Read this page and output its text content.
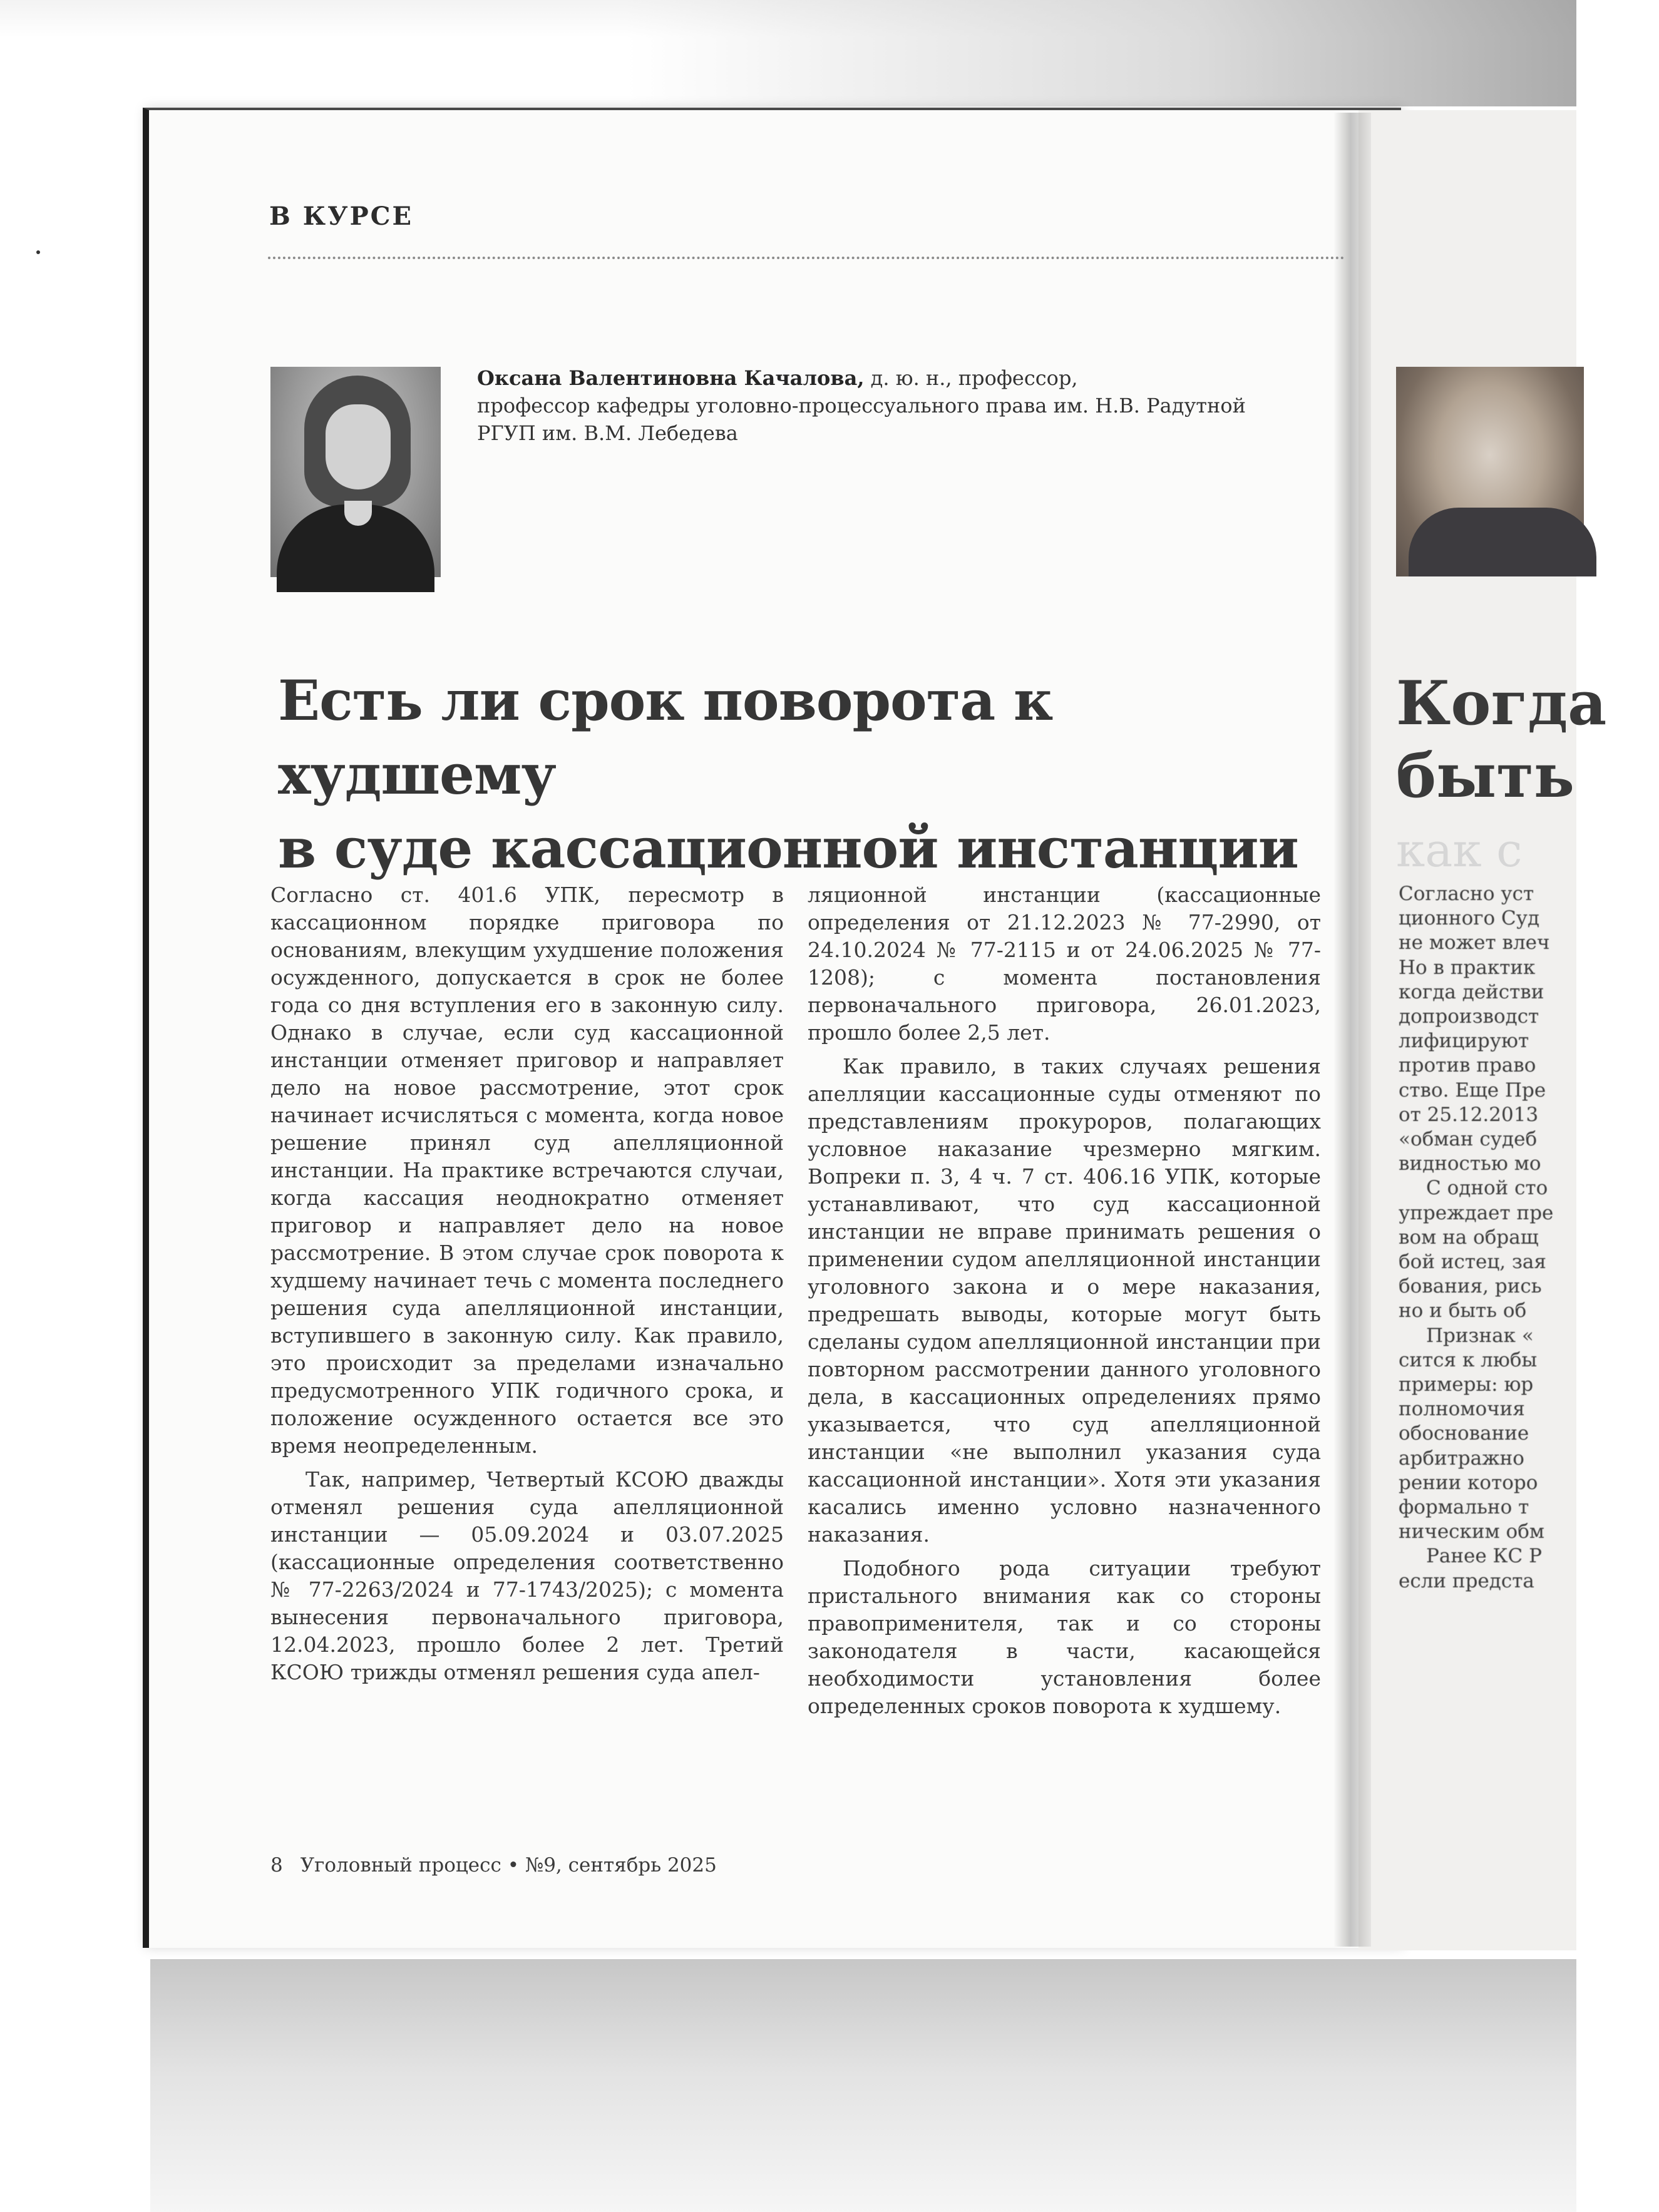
Когда
быть
как с
Согласно уст
ционного Суд
не может влеч
Но в практик
когда действи
допроизводст
лифицируют
против право
ство. Еще Пре
от 25.12.2013
«обман судеб
видностью мо
С одной сто
упреждает пре
вом на обращ
бой истец, зая
бования, рись
но и быть об
Признак «
сится к любы
примеры: юр
полномочия
обоснование
арбитражно
рении которо
формально т
ническим обм
Ранее КС Р
если предста
В КУРСЕ
Оксана Валентиновна Качалова, д. ю. н., профессор,
профессор кафедры уголовно-процессуального права им. Н.В. Радутной
РГУП им. В.М. Лебедева
Есть ли срок поворота к худшему
в суде кассационной инстанции

Согласно ст. 401.6 УПК, пересмотр в кассационном порядке приговора по основаниям, влекущим ухудшение положения осужденного, допускается в срок не более года со дня вступления его в законную силу. Однако в случае, если суд кассационной инстанции отменяет приговор и направляет дело на новое рассмотрение, этот срок начинает исчисляться с момента, когда новое решение принял суд апелляционной инстанции. На практике встречаются случаи, когда кассация неоднократно отменяет приговор и направляет дело на новое рассмотрение. В этом случае срок поворота к худшему начинает течь с момента последнего решения суда апелляционной инстанции, вступившего в законную силу. Как правило, это происходит за пределами изначально предусмотренного УПК годичного срока, и положение осужденного остается все это время неопределенным.

Так, например, Четвертый КСОЮ дважды отменял решения суда апелляционной инстанции — 05.09.2024 и 03.07.2025 (кассационные определения соответственно № 77-2263/2024 и 77-1743/2025); с момента вынесения первоначального приговора, 12.04.2023, прошло более 2 лет. Третий КСОЮ трижды отменял решения суда апел-

ляционной инстанции (кассационные определения от 21.12.2023 № 77-2990, от 24.10.2024 № 77-2115 и от 24.06.2025 № 77-1208); с момента постановления первоначального приговора, 26.01.2023, прошло более 2,5 лет.

Как правило, в таких случаях решения апелляции кассационные суды отменяют по представлениям прокуроров, полагающих условное наказание чрезмерно мягким. Вопреки п. 3, 4 ч. 7 ст. 406.16 УПК, которые устанавливают, что суд кассационной инстанции не вправе принимать решения о применении судом апелляционной инстанции уголовного закона и о мере наказания, предрешать выводы, которые могут быть сделаны судом апелляционной инстанции при повторном рассмотрении данного уголовного дела, в кассационных определениях прямо указывается, что суд апелляционной инстанции «не выполнил указания суда кассационной инстанции». Хотя эти указания касались именно условно назначенного наказания.

Подобного рода ситуации требуют пристального внимания как со стороны правоприменителя, так и со стороны законодателя в части, касающейся необходимости установления более определенных сроков поворота к худшему.

8 Уголовный процесс • №9, сентябрь 2025
